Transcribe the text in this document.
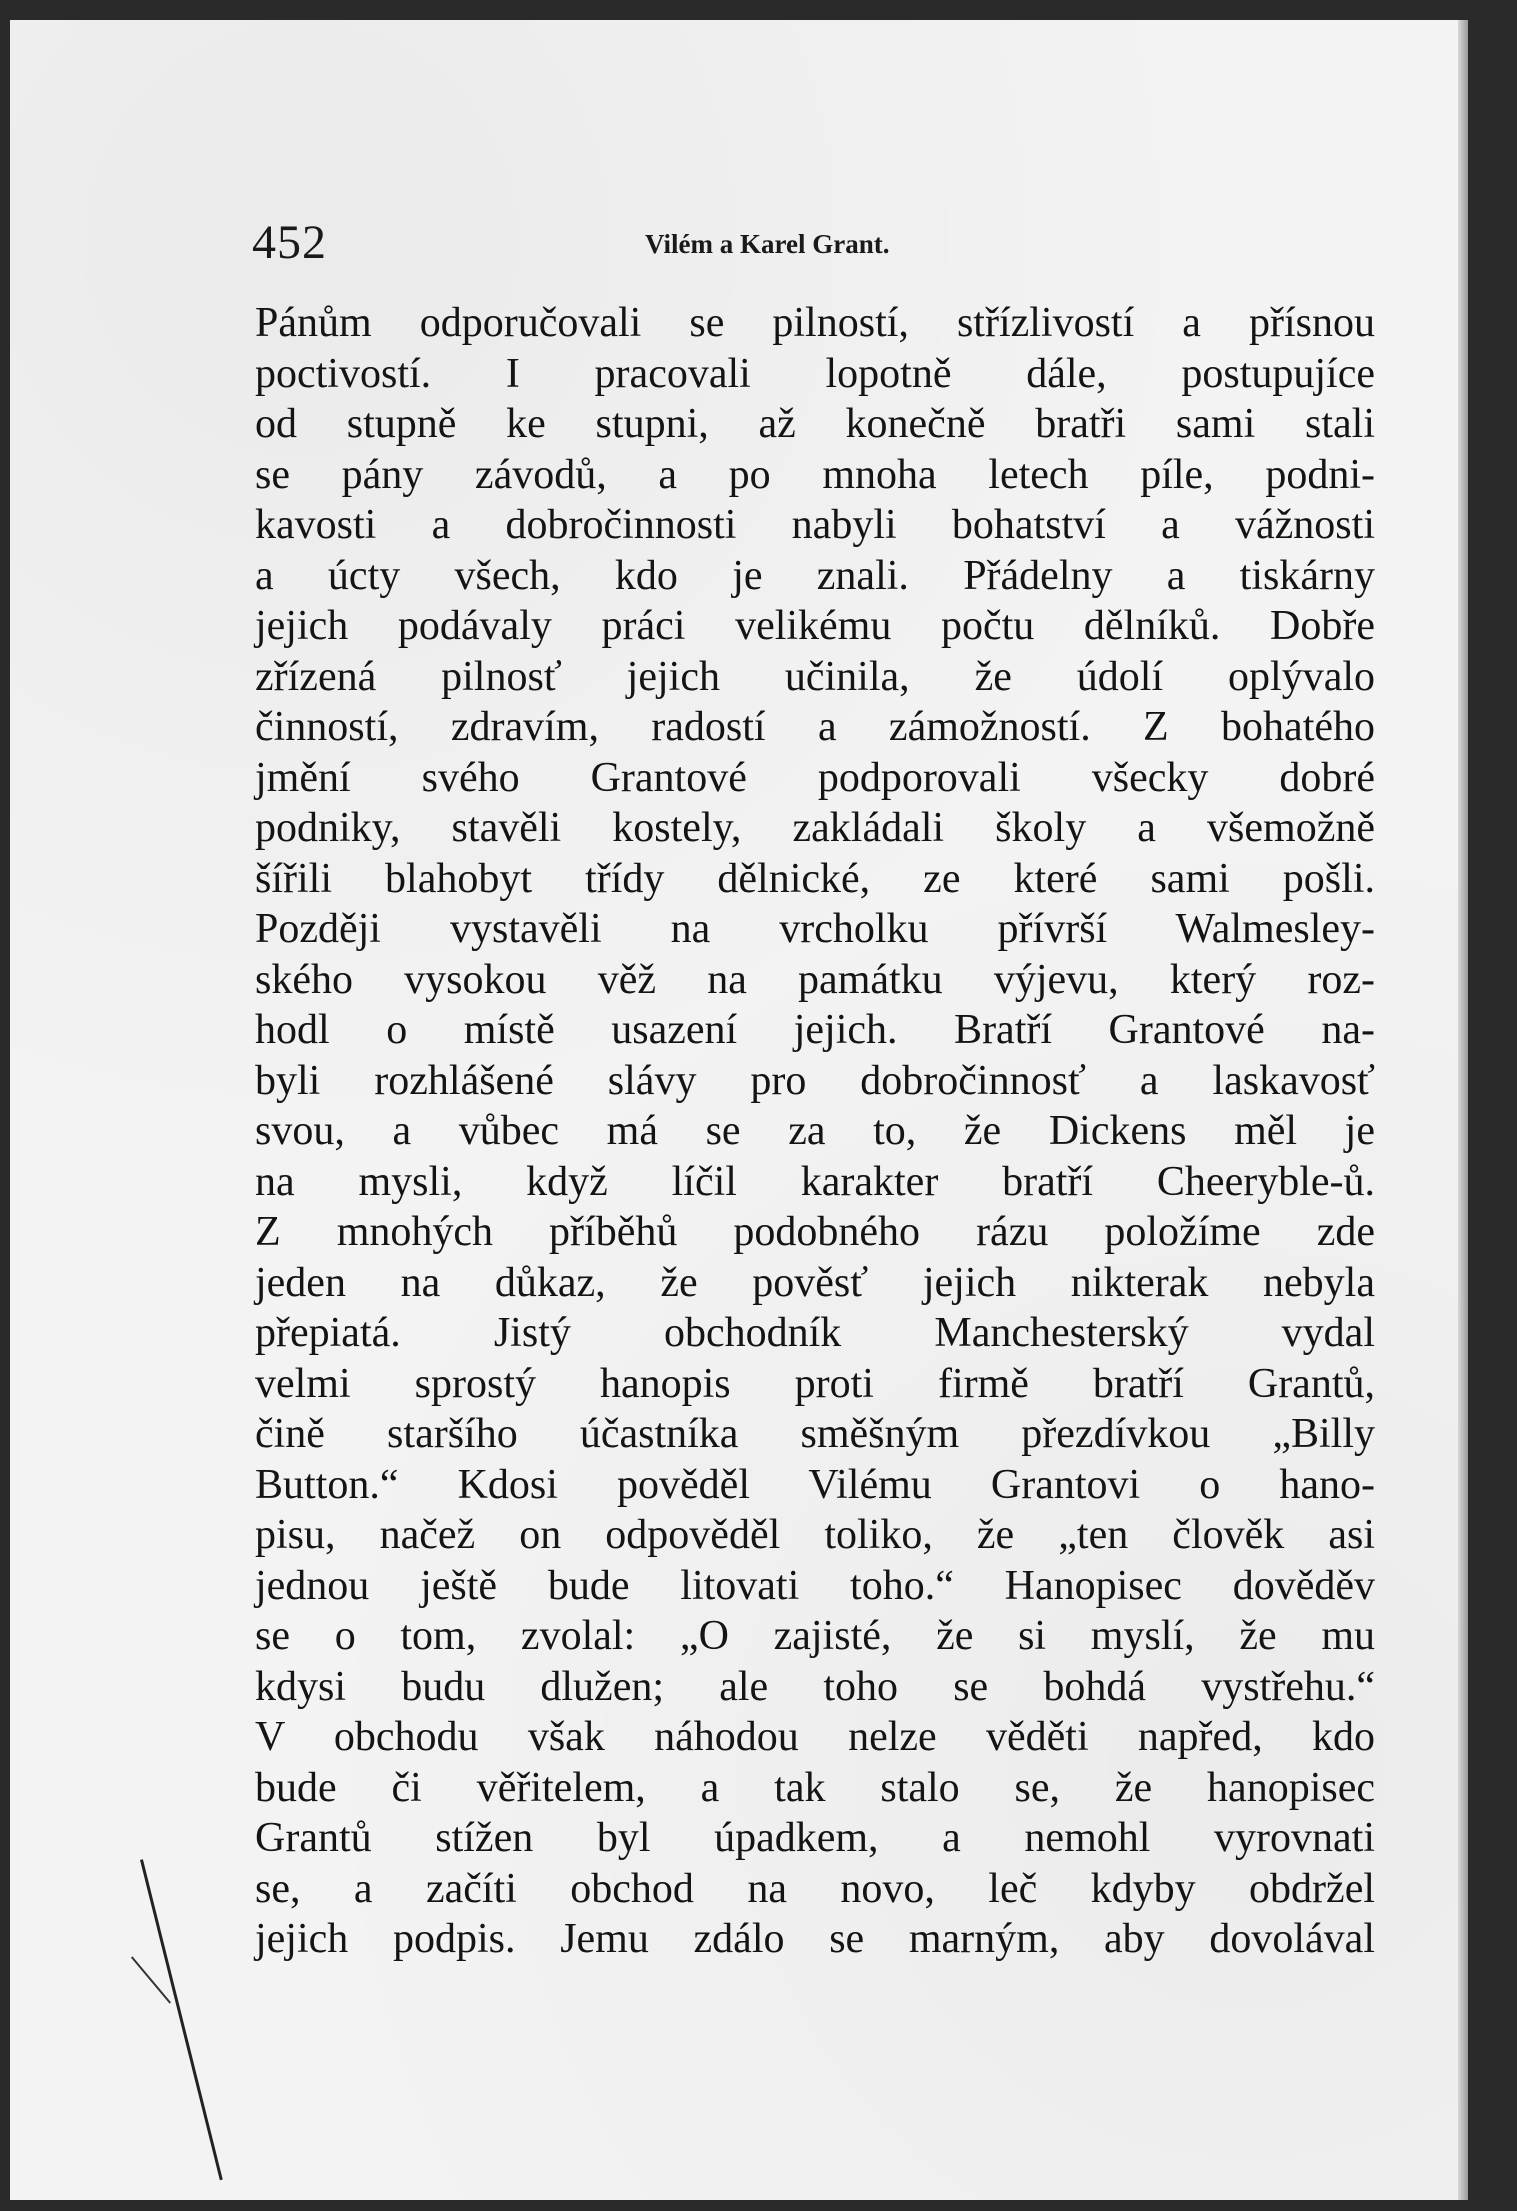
452	Vilém a Karel Grant.
Pánům odporučovali se pilností, střízlivostí a přísnou
poctivostí. I pracovali lopotně dále, postupujíce
od stupně ke stupni, až konečně bratři sami stali
se pány závodů, a po mnoha letech píle, podni-
kavosti a dobročinnosti nabyli bohatství a vážnosti
a úcty všech, kdo je znali. Přádelny a tiskárny
jejich podávaly práci velikému počtu dělníků. Dobře
zřízená pilnosť jejich učinila, že údolí oplývalo
činností, zdravím, radostí a zámožností. Z bohatého
jmění svého Grantové podporovali všecky dobré
podniky, stavěli kostely, zakládali školy a všemožně
šířili blahobyt třídy dělnické, ze které sami pošli.
Později vystavěli na vrcholku přívrší Walmesley-
ského vysokou věž na památku výjevu, který roz-
hodl o místě usazení jejich. Bratří Grantové na-
byli rozhlášené slávy pro dobročinnosť a laskavosť
svou, a vůbec má se za to, že Dickens měl je
na mysli, když líčil karakter bratří Cheeryble-ů.
Z mnohých příběhů podobného rázu položíme zde
jeden na důkaz, že pověsť jejich nikterak nebyla
přepiatá. Jistý obchodník Manchesterský vydal
velmi sprostý hanopis proti firmě bratří Grantů,
čině staršího účastníka směšným přezdívkou „Billy
Button.“ Kdosi pověděl Vilému Grantovi o hano-
pisu, načež on odpověděl toliko, že „ten člověk asi
jednou ještě bude litovati toho.“ Hanopisec dověděv
se o tom, zvolal: „O zajisté, že si myslí, že mu
kdysi budu dlužen; ale toho se bohdá vystřehu.“
V obchodu však náhodou nelze věděti napřed, kdo
bude či věřitelem, a tak stalo se, že hanopisec
Grantů stížen byl úpadkem, a nemohl vyrovnati
se, a začíti obchod na novo, leč kdyby obdržel
jejich podpis. Jemu zdálo se marným, aby dovolával
